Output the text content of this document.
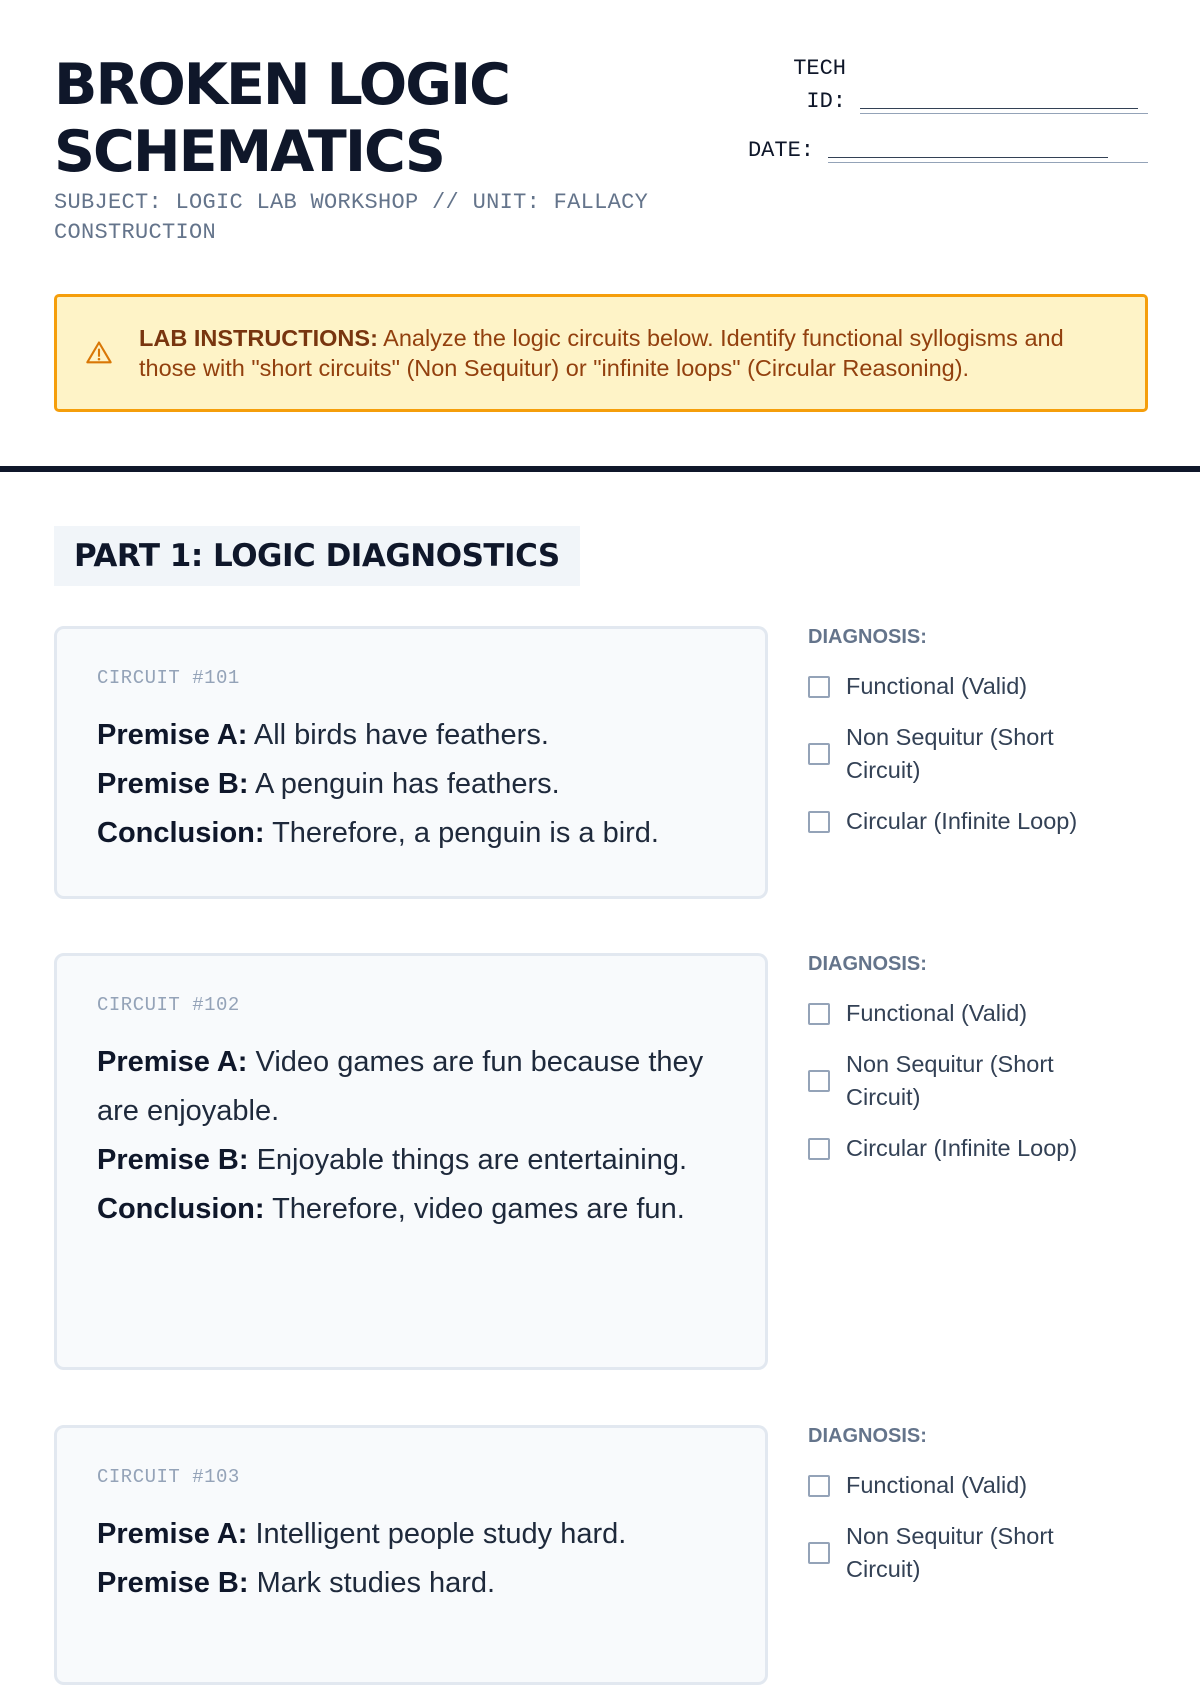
BROKEN LOGIC
SCHEMATICS
SUBJECT: LOGIC LAB WORKSHOP // UNIT: FALLACY CONSTRUCTION
TECH
ID:
DATE:
LAB INSTRUCTIONS: Analyze the logic circuits below. Identify functional syllogisms and those with "short circuits" (Non Sequitur) or "infinite loops" (Circular Reasoning).
PART 1: LOGIC DIAGNOSTICS
CIRCUIT #101
Premise A: All birds have feathers.
Premise B: A penguin has feathers.
Conclusion: Therefore, a penguin is a bird.
DIAGNOSIS:
Functional (Valid)
Non Sequitur (Short Circuit)
Circular (Infinite Loop)
CIRCUIT #102
Premise A: Video games are fun because they are enjoyable.
Premise B: Enjoyable things are entertaining.
Conclusion: Therefore, video games are fun.
DIAGNOSIS:
Functional (Valid)
Non Sequitur (Short Circuit)
Circular (Infinite Loop)
CIRCUIT #103
Premise A: Intelligent people study hard.
Premise B: Mark studies hard.
DIAGNOSIS:
Functional (Valid)
Non Sequitur (Short Circuit)
